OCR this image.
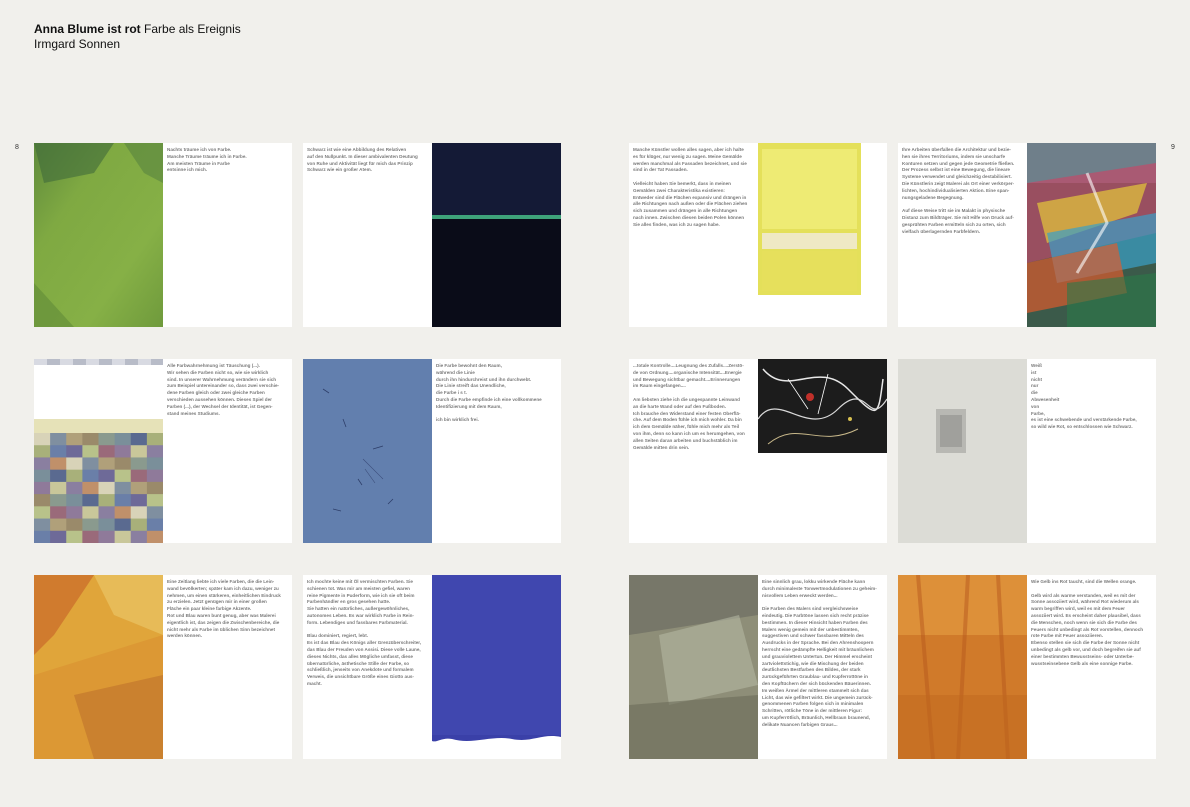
Anna Blume ist rot Farbe als Ereignis
Irmgard Sonnen
8	9
Nachts träume ich von Farbe.
Manche Träume träume ich in Farbe.
Am meisten Träume in Farbe
entsinne ich mich.
Schwarz ist wie eine Abbildung des Relativen
auf den Nullpunkt. In dieser ambivalenten Deutung
von Ruhe und Aktivität liegt für mich das Prinzip
Schwarz wie ein großer Atem.
Manche Künstler wollen alles sagen, aber ich halte
es für klüger, nur wenig zu sagen. Meine Gemälde
werden manchmal als Fassaden bezeichnet, und sie
sind in der Tat Fassaden.

Vielleicht haben Sie bemerkt, dass in meinen
Gemälden zwei Charakteristika existieren:
Entweder sind die Flächen expansiv und drängen in
alle Richtungen nach außen oder die Flächen ziehen
sich zusammen und drängen in alle Richtungen
nach innen. Zwischen diesen beiden Polen können
Sie alles finden, was ich zu sagen habe.
Ihre Arbeiten überfallen die Architektur und bezie-
hen sie ihres Territoriums, indem sie unscharfe
Konturen setzen und gegen jede Geometrie fließen.
Der Prozess selbst ist eine Bewegung, die lineare
Systeme verwendet und gleichzeitig destabilisiert.
Die Künstlerin zeigt Malerei als Ort einer verkörper-
lichten, hochindividualisierten Aktion. Eine span-
nungsgeladene Begegnung.

Auf diese Weise tritt sie im Malakt in physische
Distanz zum Bildträger. Sie mit Hilfe von Druck auf-
gesprühten Farben ermitteln sich zu orten, sich
vielfach überlagernden Farbfeldern.
Alle Farbwahrnehmung ist Täuschung (...).
Wir sehen die Farben nicht so, wie sie wirklich
sind. In unserer Wahrnehmung verändern sie sich
zum Beispiel untereinander so, dass zwei verschie-
dene Farben gleich oder zwei gleiche Farben
verschieden aussehen können. Dieses Spiel der
Farben (...), der Wechsel der Identität, ist Gegen-
stand meines Studiums.
Die Farbe bewohnt den Raum,
während die Linie
durch ihn hindurchreist und ihn durchwebt.
Die Linie streift das Unendliche,
die Farbe i s t.
Durch die Farbe empfinde ich eine vollkommene
Identifizierung mit dem Raum,

ich bin wirklich frei.
...totale Kontrolle....Leugnung des Zufalls....Zerstö-
de von Ordnung....organische Intensität....Energie
und Bewegung sichtbar gemacht....Erinnerungen
im Raum eingefangen....

Am liebsten ziehe ich die ungespannte Leinwand
an die harte Wand oder auf den Fußboden.
Ich brauche den Widerstand einer festen Oberflä-
che. Auf dem Boden fühle ich mich wohler. Da bin
ich dem Gemälde näher, fühle mich mehr als Teil
von ihm, denn so kann ich um es herumgehen, von
allen Seiten daran arbeiten und buchstäblich im
Gemälde mitten drin sein.
Weiß
ist
nicht
nur
die
Abwesenheit
von
Farbe,
es ist eine schwebende und verstärkende Farbe,
so wild wie Rot, so entschlossen wie Schwarz.
Eine Zeitlang liebte ich viele Farben, die die Lein-
wand bevölkerten; später kam ich dazu, weniger zu
nehmen, um einen stärkeren, einheitlichen Eindruck
zu erzielen. Jetzt genügen mir in einer großen
Fläche ein paar kleine farbige Akzente.
Rot und Blau waren bunt genug, aber was Malerei
eigentlich ist, das zeigen die Zwischenbereiche, die
nicht mehr als Farbe im üblichen Sinn bezeichnet
werden können.
Ich mochte keine mit Öl vermischten Farben. Sie
schienen tot. Was mir am meisten gefiel, waren
reine Pigmente in Puderform, wie ich sie oft beim
Farbenhändler en gros gesehen hatte.
Sie hatten ein natürliches, außergewöhnliches,
autonomes Leben. Es war wirklich Farbe in Rein-
form. Lebendiges und fassbares Farbmaterial.

Blau dominiert, regiert, lebt.
Es ist das Blau des Königs aller Grenzüberschreiter,
das Blau der Freuden von Assisi. Diese volle Laune,
dieses Nichts, das alles Mögliche umfasst, diese
übernatürliche, ästhetische Stille der Farbe, so
schließlich, jenseits von Anekdote und formalem
Verweis, die unsichtbare Größe eines Giotto aus-
macht.
Eine sinnlich grau, lokku wirkende Fläche kann
durch minimaleste Tonwertmodulationen zu geheim-
nisvollem Leben erweckt werden...

Die Farben des Malers sind vergleichsweise
eindeutig. Die Farbtöne lassen sich recht präzise
bestimmen. In dieser Hinsicht haben Farben des
Malers wenig gemein mit der unbestimmten,
suggestiven und schwer fassbaren Mitteln des
Ausdrucks in der Sprache. Bei den Ahrenshoopern
herrscht eine gedämpfte Helligkeit mit bräunlichem
und grauviolettem Untertun. Der Himmel erscheint
zartviolettstichig, wie die Mischung der beiden
deutlichsten Bestfarben des Bildes, der stark
zurückgeführten Graublau- und Kupferrottöne in
den Kopftüchern der sich bückenden Bäuerinnen.
Im weißen Ärmel der mittleren stammelt sich das
Licht, das wie gefiltert wirkt. Die ungemein zurück-
genommenen Farben folgen sich in minimalen
Schritten, rötliche Töne in der mittleren Figur:
um Kupferrötlich, Bräunlich, Hellbraun braunend,
delikate Nuancen farbigen Graus...
Wie Gelb ins Rot taucht, sind die Wellen orange.

Gelb wird als warme verstanden, weil es mit der
Sonne assoziiert wird, während Rot wiederum als
warm begriffen wird, weil es mit dem Feuer
assoziiert wird. Es erscheint daher plausibel, dass
die Menschen, noch wenn sie sich die Farbe des
Feuers nicht unbedingt als Rot vorstellen, dennoch
rote Farbe mit Feuer assoziieren.
Ebenso stellen sie sich die Farbe der Sonne nicht
unbedingt als gelb vor, und doch begreifen sie auf
einer bestimmten Bewusstseins- oder Unterbe-
wusstseinsebene Gelb als eine sonnige Farbe.
